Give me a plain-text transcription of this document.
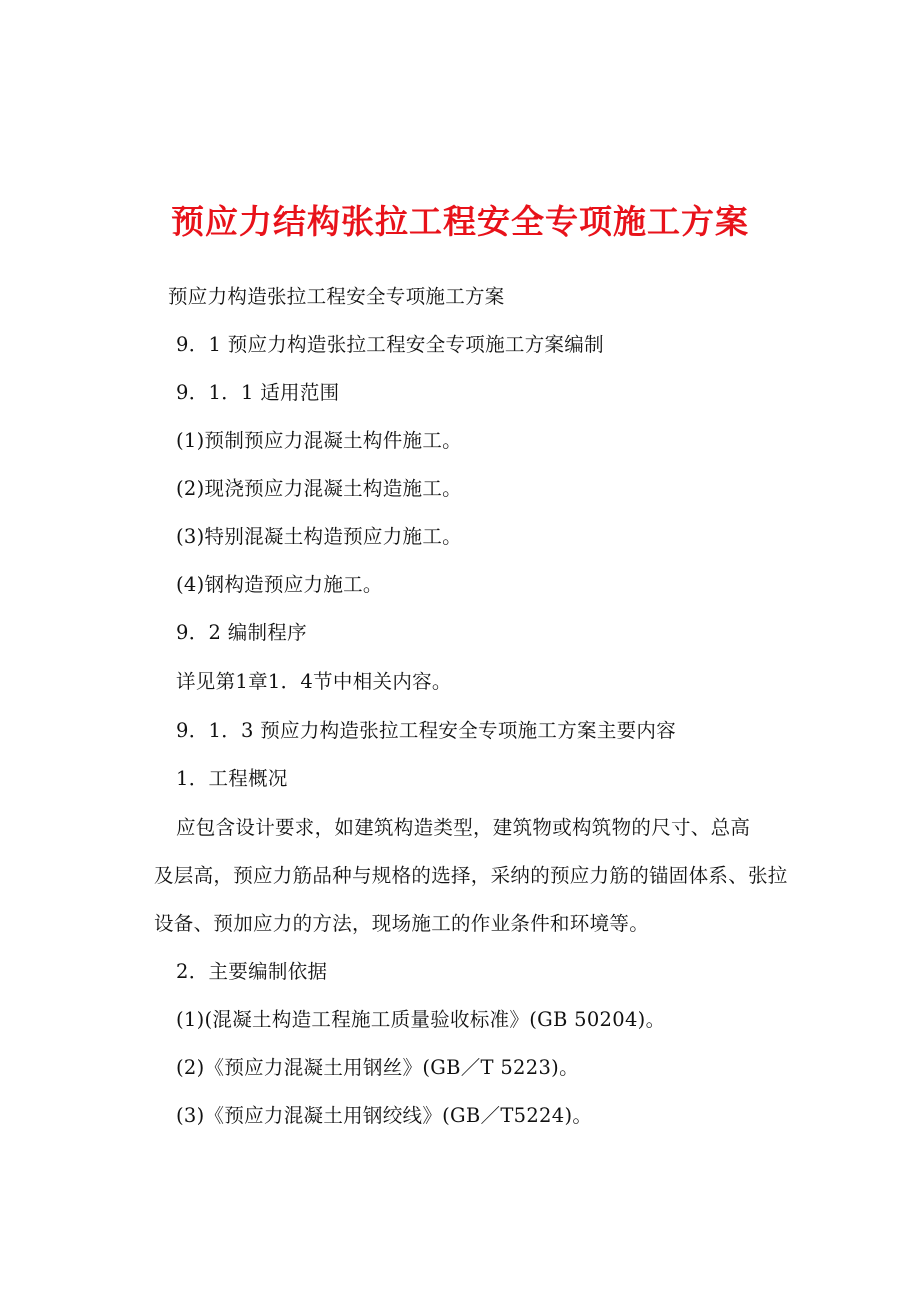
预应力结构张拉工程安全专项施工方案
预应力构造张拉工程安全专项施工方案
9．1 预应力构造张拉工程安全专项施工方案编制
9．1．1 适用范围
(1)预制预应力混凝土构件施工。
(2)现浇预应力混凝土构造施工。
(3)特别混凝土构造预应力施工。
(4)钢构造预应力施工。
9．2 编制程序
详见第1章1．4节中相关内容。
9．1．3 预应力构造张拉工程安全专项施工方案主要内容
1．工程概况
应包含设计要求，如建筑构造类型，建筑物或构筑物的尺寸、总高
及层高，预应力筋品种与规格的选择，采纳的预应力筋的锚固体系、张拉
设备、预加应力的方法，现场施工的作业条件和环境等。
2．主要编制依据
(1)(混凝土构造工程施工质量验收标准》(GB 50204)。
(2)《预应力混凝土用钢丝》(GB／T 5223)。
(3)《预应力混凝土用钢绞线》(GB／T5224)。
